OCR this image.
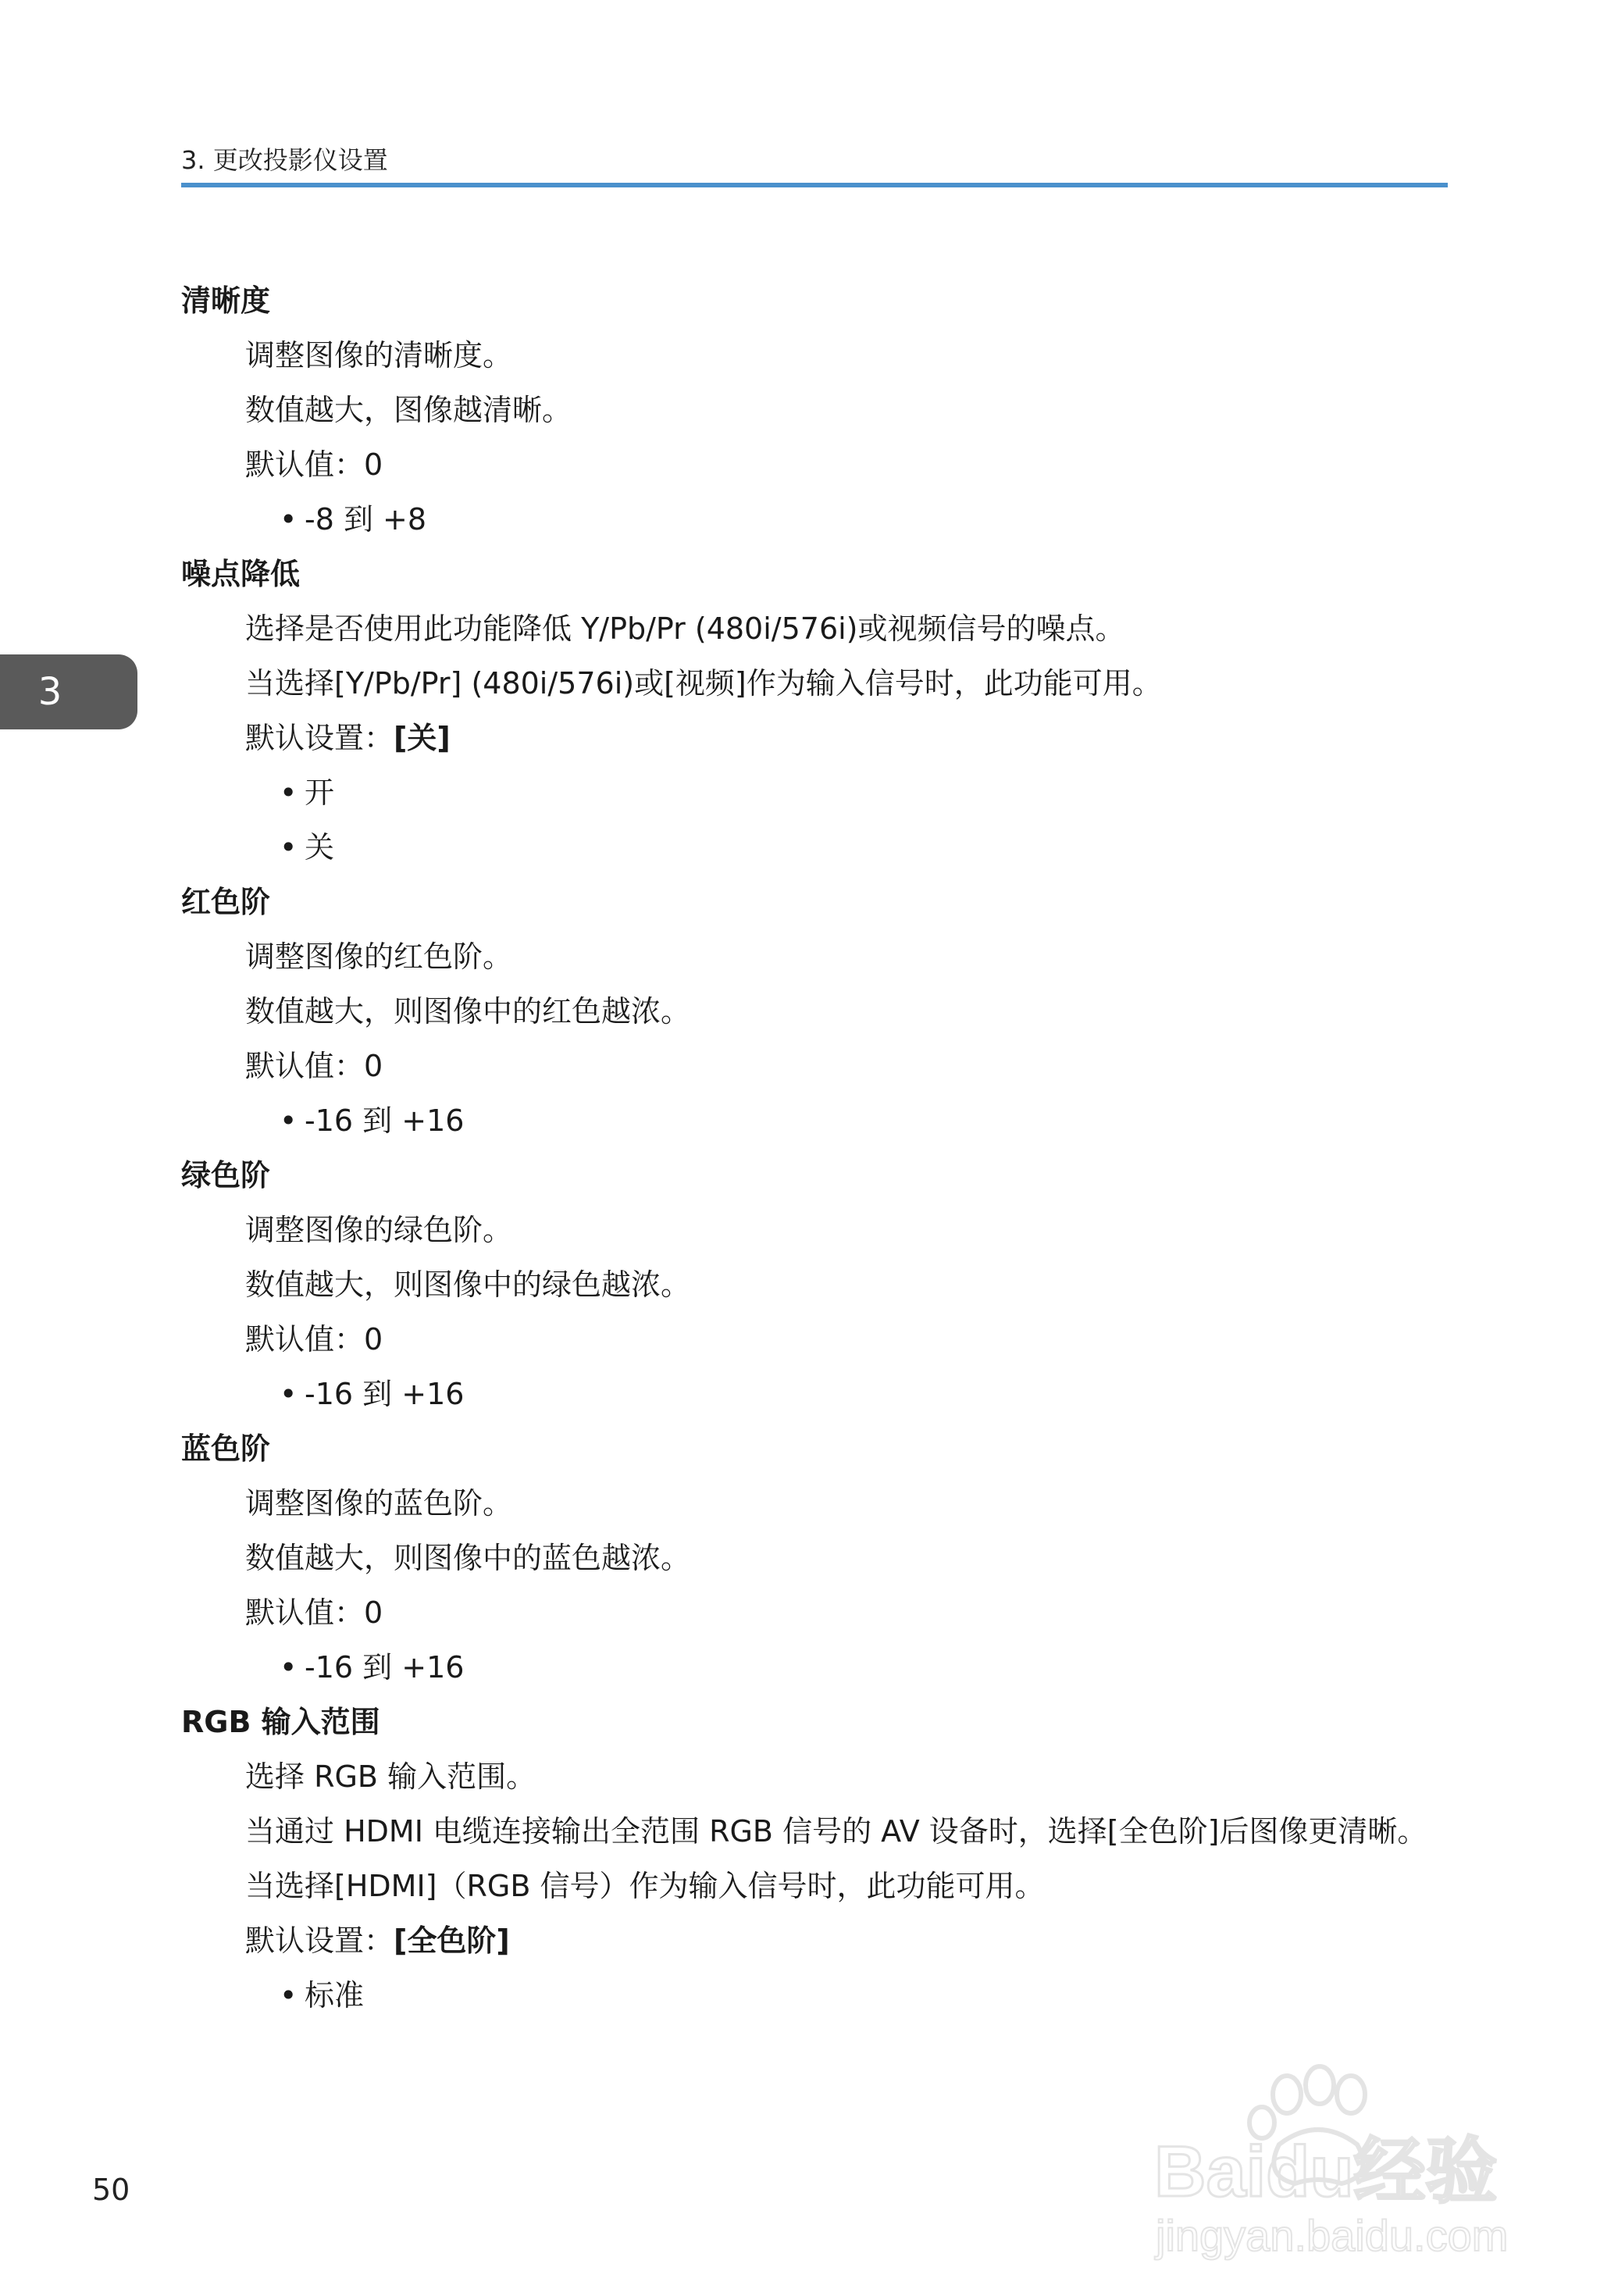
3. 更改投影仪设置
3
清晰度
调整图像的清晰度。
数值越大，图像越清晰。
默认值：0
• -8 到 +8
噪点降低
选择是否使用此功能降低 Y/Pb/Pr (480i/576i)或视频信号的噪点。
当选择[Y/Pb/Pr] (480i/576i)或[视频]作为输入信号时，此功能可用。
默认设置：[关]
• 开
• 关
红色阶
调整图像的红色阶。
数值越大，则图像中的红色越浓。
默认值：0
• -16 到 +16
绿色阶
调整图像的绿色阶。
数值越大，则图像中的绿色越浓。
默认值：0
• -16 到 +16
蓝色阶
调整图像的蓝色阶。
数值越大，则图像中的蓝色越浓。
默认值：0
• -16 到 +16
RGB 输入范围
选择 RGB 输入范围。
当通过 HDMI 电缆连接输出全范围 RGB 信号的 AV 设备时，选择[全色阶]后图像更清晰。
当选择[HDMI]（RGB 信号）作为输入信号时，此功能可用。
默认设置：[全色阶]
• 标准
50	Baidu经验
jingyan.baidu.com
